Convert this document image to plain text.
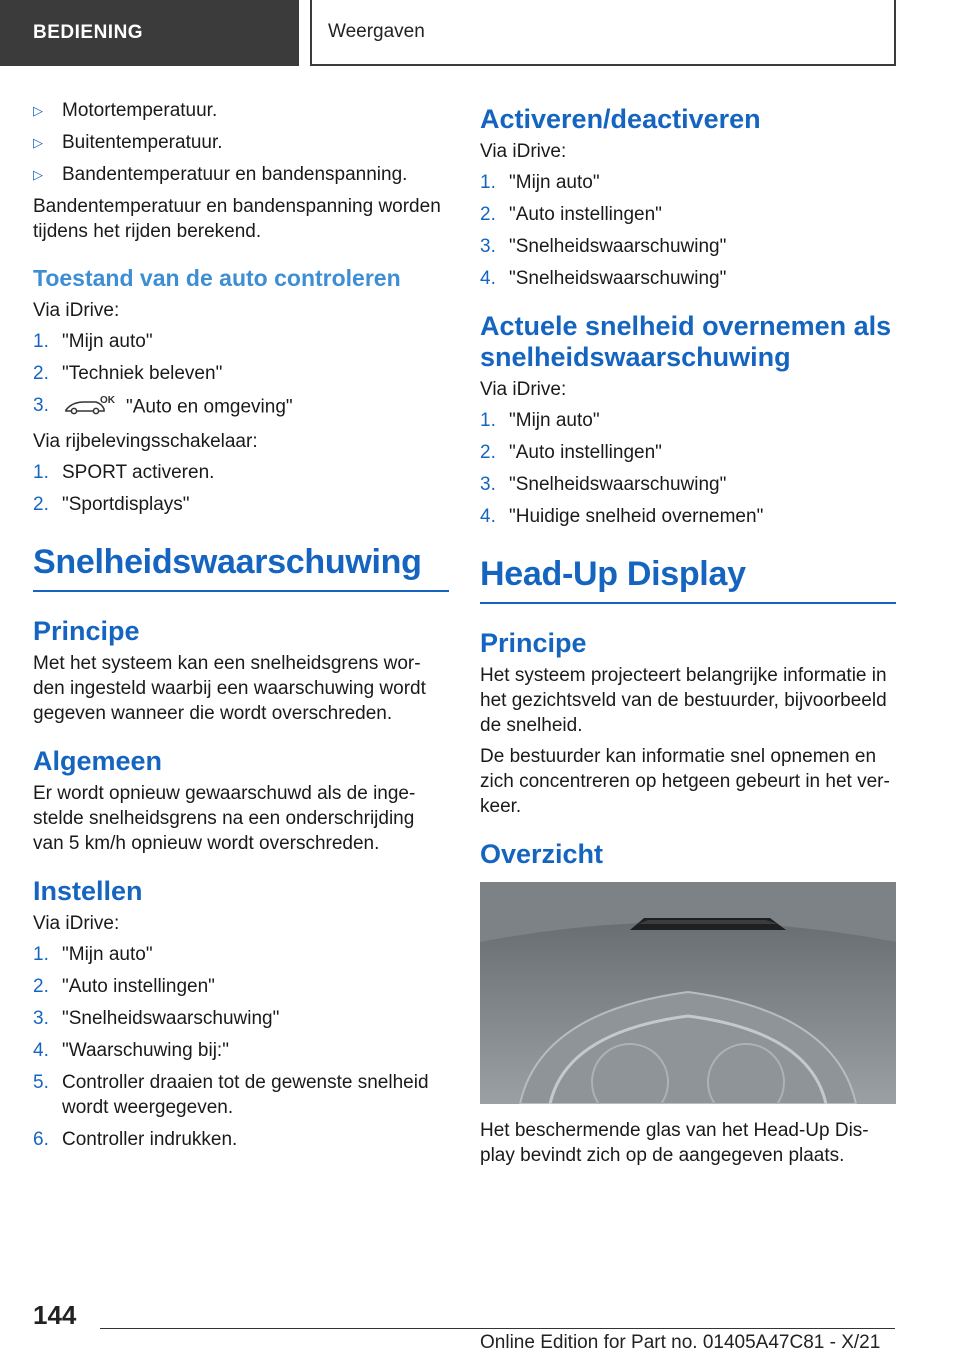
BEDIENING	Weergaven
▷ Motortemperatuur.
▷ Buitentemperatuur.
▷ Bandentemperatuur en bandenspanning.

Bandentemperatuur en bandenspanning worden tijdens het rijden berekend.

Toestand van de auto controleren

Via iDrive:

1. "Mijn auto"
2. "Techniek beleven"
3.	OK "Auto en omgeving"

Via rijbelevingsschakelaar:

1. SPORT activeren.
2. "Sportdisplays"
Snelheidswaarschuwing
Principe

Met het systeem kan een snelheidsgrens wor-den ingesteld waarbij een waarschuwing wordt gegeven wanneer die wordt overschreden.

Algemeen

Er wordt opnieuw gewaarschuwd als de inge-stelde snelheidsgrens na een onderschrijding van 5 km/h opnieuw wordt overschreden.

Instellen

Via iDrive:

1. "Mijn auto"
2. "Auto instellingen"
3. "Snelheidswaarschuwing"
4. "Waarschuwing bij:"
5. Controller draaien tot de gewenste snelheid wordt weergegeven.
6. Controller indrukken.
Activeren/deactiveren

Via iDrive:

1. "Mijn auto"
2. "Auto instellingen"
3. "Snelheidswaarschuwing"
4. "Snelheidswaarschuwing"
Actuele snelheid overnemen als snelheidswaarschuwing

Via iDrive:

1. "Mijn auto"
2. "Auto instellingen"
3. "Snelheidswaarschuwing"
4. "Huidige snelheid overnemen"
Head-Up Display
Principe

Het systeem projecteert belangrijke informatie in het gezichtsveld van de bestuurder, bijvoorbeeld de snelheid.

De bestuurder kan informatie snel opnemen en zich concentreren op hetgeen gebeurt in het ver-keer.

Overzicht

Het beschermende glas van het Head-Up Dis-play bevindt zich op de aangegeven plaats.

144
Online Edition for Part no. 01405A47C81 - X/21
